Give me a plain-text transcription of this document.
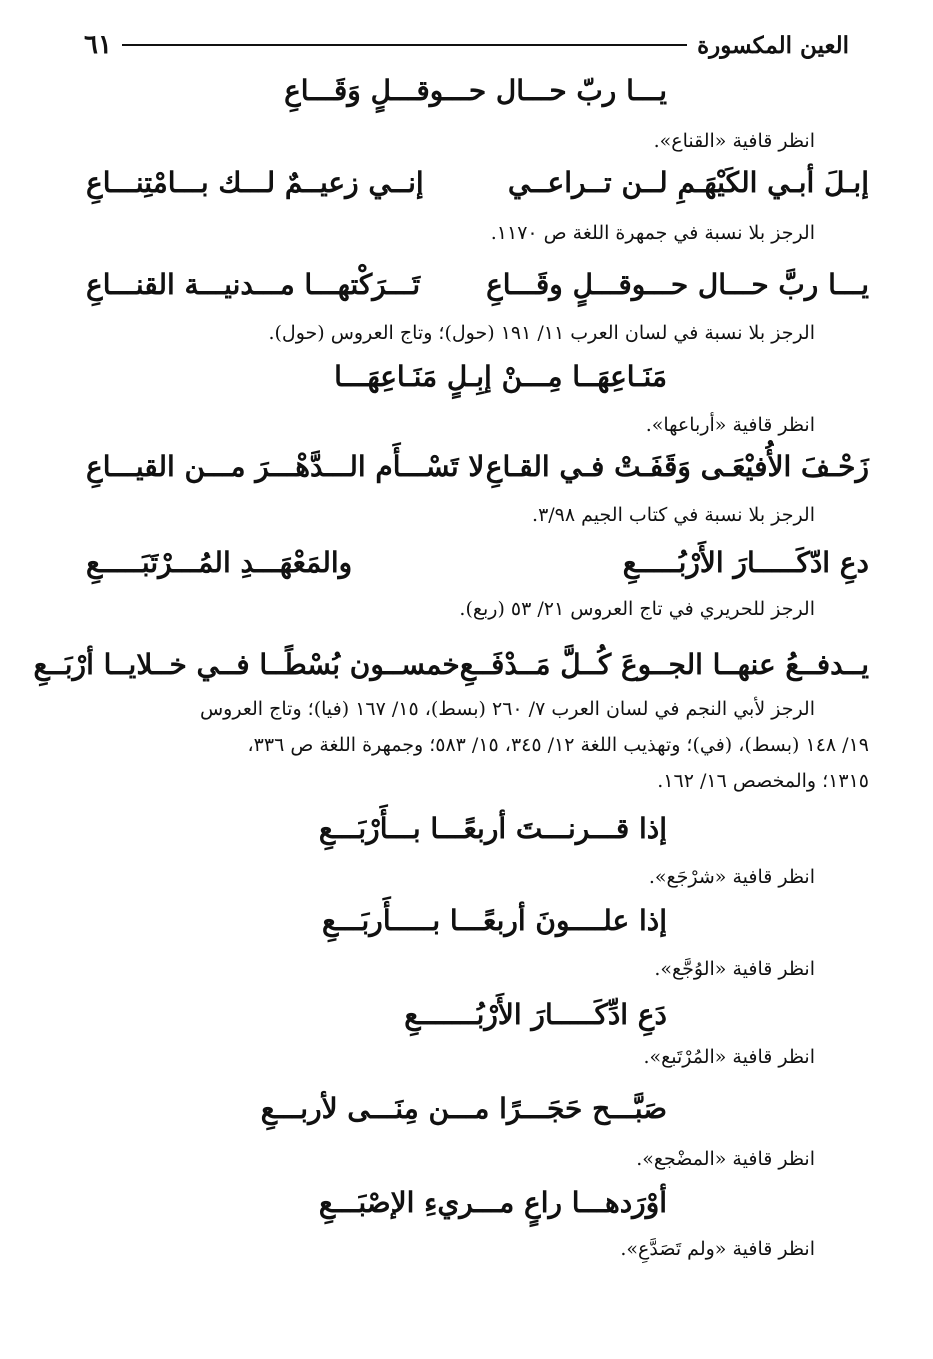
العين المكسورة
٦١
يـــا ربّ حـــال حـــوقـــلٍ وَقَـــاعِ
انظر قافية «القناع».
إبـلَ أبـي الكَيْهَـمِ لــن تــراعــي
إنــي زعيــمٌ لـــك بـــامْتِنـــاعِ
الرجز بلا نسبة في جمهرة اللغة ص ١١٧٠.
يـــا ربَّ حـــال حـــوقـــلٍ وقَـــاعِ
تَـــرَكْتهـــا مـــدنيـــة القنـــاعِ
الرجز بلا نسبة في لسان العرب ١١/ ١٩١ (حول)؛ وتاج العروس (حول).
مَنَـاعِهَــا مِـــنْ إبِـلٍ مَنَـاعِهَـــا
انظر قافية «أرباعها».
زَحْـفَ الأُفيْعَـى وَقَفَـتْ فـي القـاعِ
لا تَسْـــأَم الـــدَّهْـــرَ مـــن القيـــاعِ
الرجز بلا نسبة في كتاب الجيم ٣/٩٨.
دعِ ادّكَـــــارَ الأَرْبُـــــعِ
والمَعْهَـــدِ المُـــرْتَبَـــــعِ
الرجز للحريري في تاج العروس ٢١/ ٥٣ (ربع).
يــدفــعُ عنهــا الجــوعَ كُــلَّ مَــدْفَــعِ
خمســون بُسْطًــا فــي خــلايــا أرْبَــعِ
الرجز لأبي النجم في لسان العرب ٧/ ٢٦٠ (بسط)، ١٥/ ١٦٧ (فيا)؛ وتاج العروس
١٩/ ١٤٨ (بسط)، (في)؛ وتهذيب اللغة ١٢/ ٣٤٥، ١٥/ ٥٨٣؛ وجمهرة اللغة ص ٣٣٦،
١٣١٥؛ والمخصص ١٦/ ١٦٢.
إذا قـــرنـــتَ أربعًـــا بـــأَرْبَـــعِ
انظر قافية «شرْجَع».
إذا علــــونَ أربعًـــا بـــــأَربَـــعِ
انظر قافية «الوُجَّع».
دَعِ ادِّكَـــــارَ الأَرْبُـــــــعِ
انظر قافية «المُرْتَبع».
صَبَّـــح حَجَـــرًا مـــن مِنَـــى لأربـــعِ
انظر قافية «المضْجع».
أوْرَدهـــا راعٍ مـــريءِ الإصْبَـــعِ
انظر قافية «ولم تَصَدَّعِ».
